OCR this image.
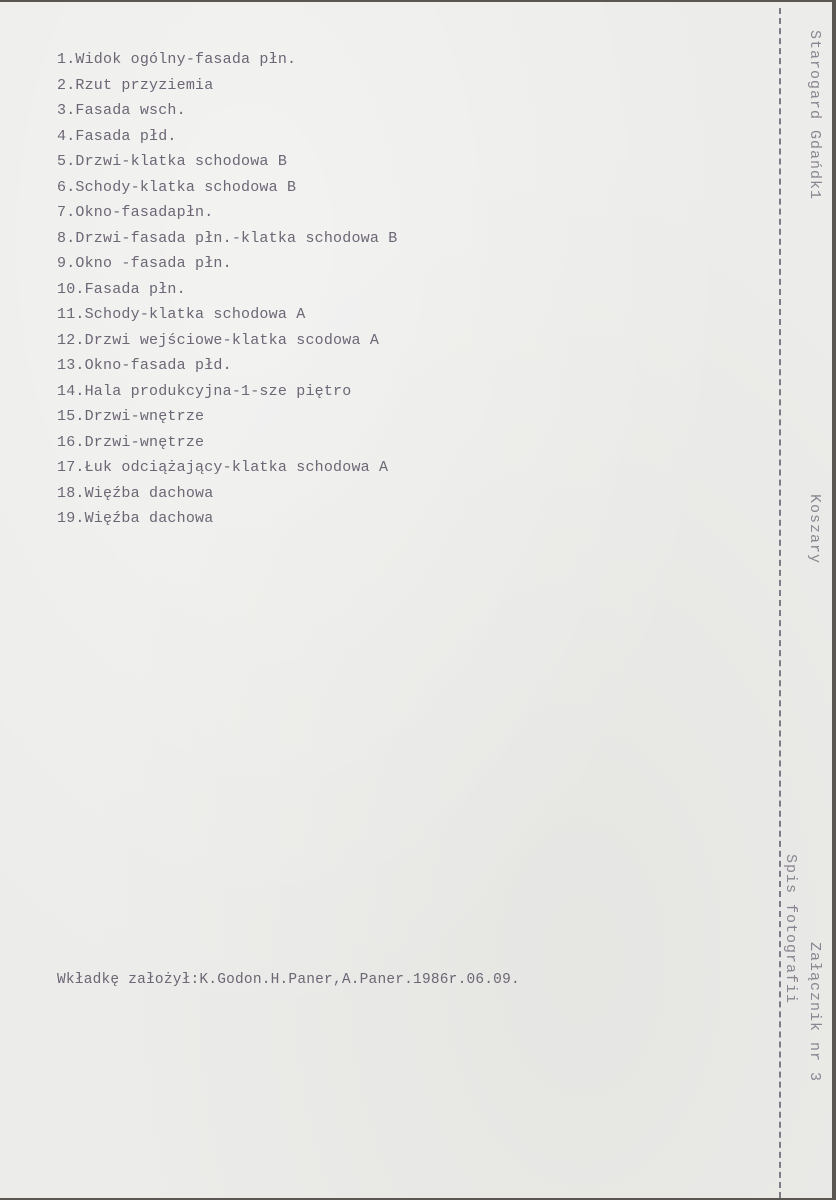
1.Widok ogólny-fasada płn.
2.Rzut przyziemia
3.Fasada wsch.
4.Fasada płd.
5.Drzwi-klatka schodowa B
6.Schody-klatka schodowa B
7.Okno-fasadapłn.
8.Drzwi-fasada płn.-klatka schodowa B
9.Okno -fasada płn.
10.Fasada płn.
11.Schody-klatka schodowa A
12.Drzwi wejściowe-klatka scodowa A
13.Okno-fasada płd.
14.Hala produkcyjna-1-sze piętro
15.Drzwi-wnętrze
16.Drzwi-wnętrze
17.Łuk odciążający-klatka schodowa A
18.Więźba dachowa
19.Więźba dachowa
Wkładkę założył:K.Godon.H.Paner,A.Paner.1986r.06.09.
Starogard Gdańdk1
Koszary
Załącznik nr 3
Spis fotografii
